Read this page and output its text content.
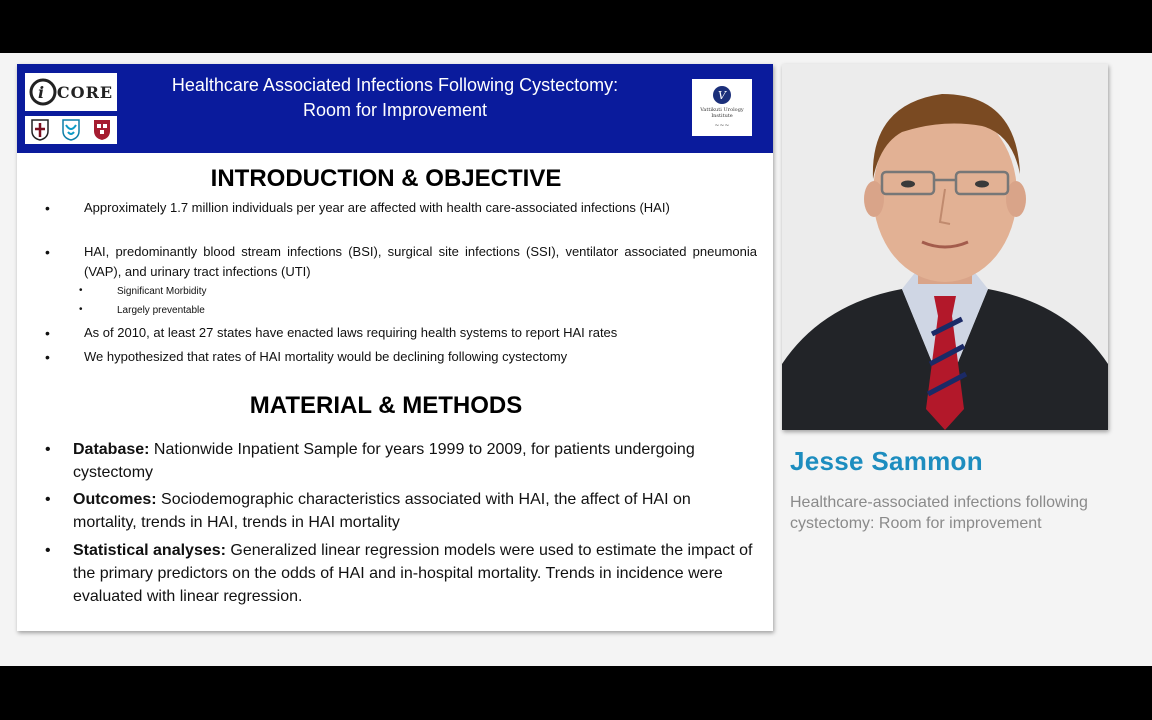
i CORE	Healthcare Associated Infections Following Cystectomy:
Room for Improvement
V
Vattikuti Urology Institute
~~~
INTRODUCTION & OBJECTIVE
•	Approximately 1.7 million individuals per year are affected with health care-associated infections (HAI)
•	HAI, predominantly blood stream infections (BSI), surgical site infections (SSI), ventilator associated pneumonia (VAP), and urinary tract infections (UTI)
•	Significant Morbidity
•	Largely preventable
•	As of 2010, at least 27 states have enacted laws requiring health systems to report HAI rates
•	We hypothesized that rates of HAI mortality would be declining following cystectomy
MATERIAL & METHODS
• Database: Nationwide Inpatient Sample for years 1999 to 2009, for patients undergoing cystectomy
• Outcomes: Sociodemographic characteristics associated with HAI, the affect of HAI on mortality, trends in HAI, trends in HAI mortality
• Statistical analyses: Generalized linear regression models were used to estimate the impact of the primary predictors on the odds of HAI and in-hospital mortality. Trends in incidence were evaluated with linear regression.
Jesse Sammon
Healthcare-associated infections following cystectomy: Room for improvement
